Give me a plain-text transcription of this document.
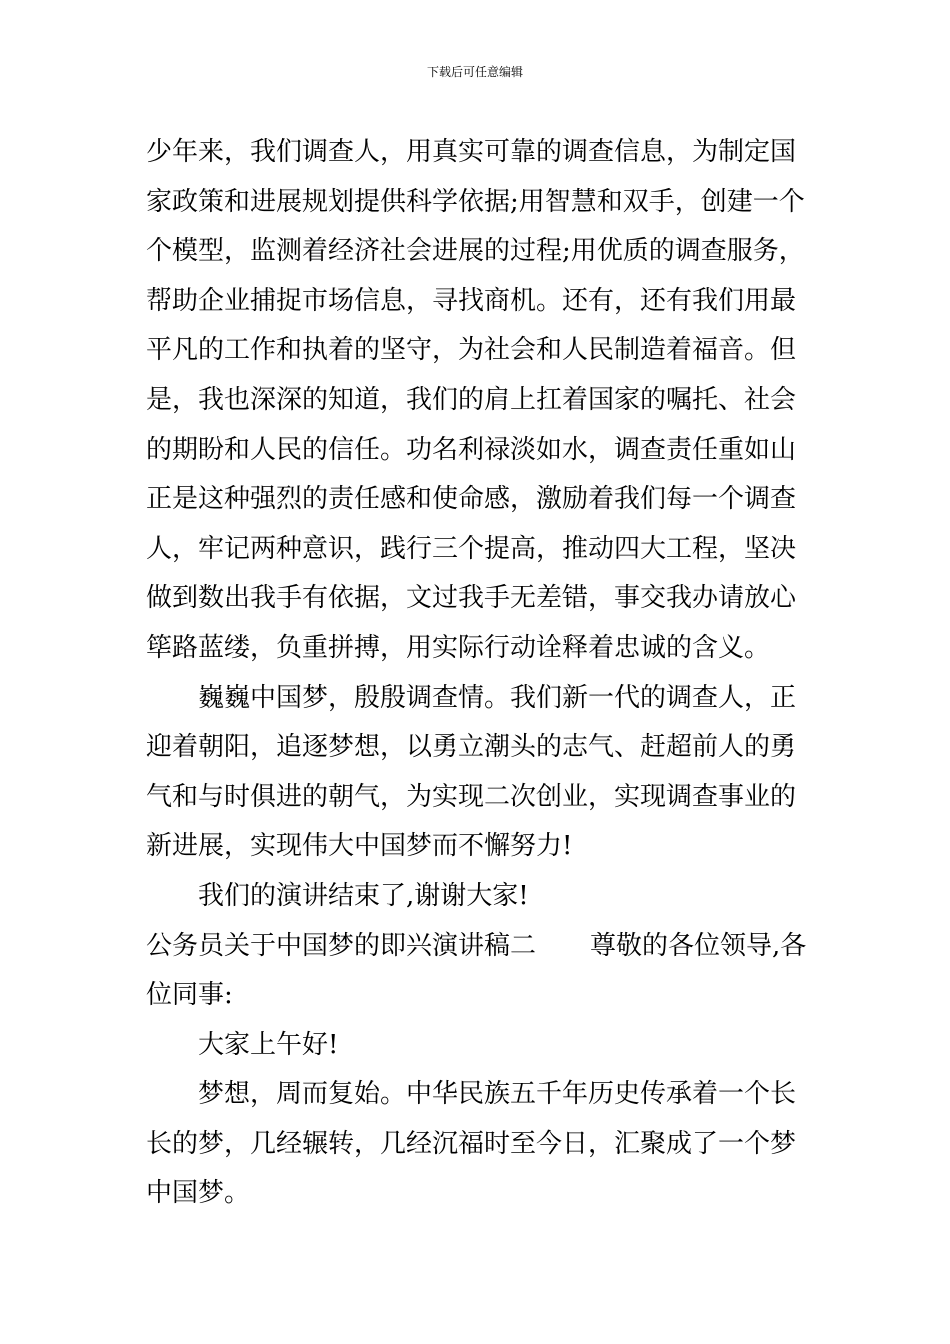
下载后可任意编辑
少年来，我们调查人，用真实可靠的调查信息，为制定国
家政策和进展规划提供科学依据;用智慧和双手，创建一个
个模型，监测着经济社会进展的过程;用优质的调查服务，
帮助企业捕捉市场信息，寻找商机。还有，还有我们用最
平凡的工作和执着的坚守，为社会和人民制造着福音。但
是，我也深深的知道，我们的肩上扛着国家的嘱托、社会
的期盼和人民的信任。功名利禄淡如水，调查责任重如山
正是这种强烈的责任感和使命感，激励着我们每一个调查
人，牢记两种意识，践行三个提高，推动四大工程，坚决
做到数出我手有依据，文过我手无差错，事交我办请放心
筚路蓝缕，负重拼搏，用实际行动诠释着忠诚的含义。
巍巍中国梦，殷殷调查情。我们新一代的调查人，正
迎着朝阳，追逐梦想，以勇立潮头的志气、赶超前人的勇
气和与时俱进的朝气，为实现二次创业，实现调查事业的
新进展，实现伟大中国梦而不懈努力!
我们的演讲结束了,谢谢大家!
公务员关于中国梦的即兴演讲稿二 尊敬的各位领导,各
位同事:
大家上午好!
梦想，周而复始。中华民族五千年历史传承着一个长
长的梦，几经辗转，几经沉福时至今日，汇聚成了一个梦
中国梦。
